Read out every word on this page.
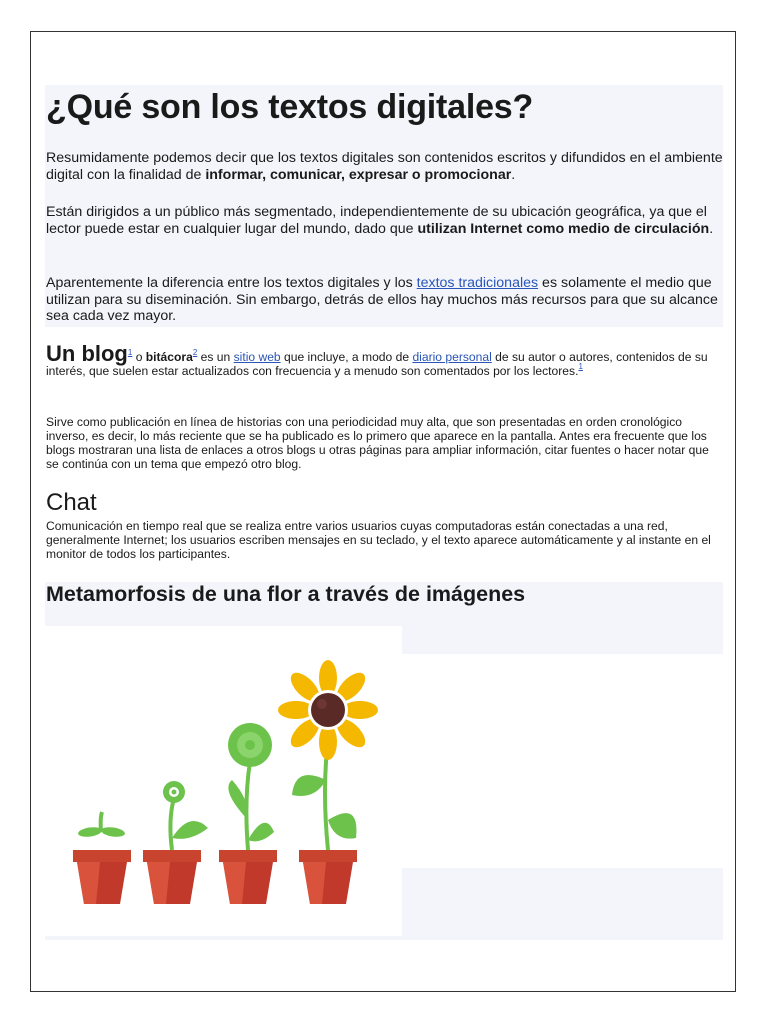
¿Qué son los textos digitales?

Resumidamente podemos decir que los textos digitales son contenidos escritos y difundidos en el ambiente digital con la finalidad de informar, comunicar, expresar o promocionar.

Están dirigidos a un público más segmentado, independientemente de su ubicación geográfica, ya que el lector puede estar en cualquier lugar del mundo, dado que utilizan Internet como medio de circulación.

Aparentemente la diferencia entre los textos digitales y los textos tradicionales es solamente el medio que utilizan para su diseminación. Sin embargo, detrás de ellos hay muchos más recursos para que su alcance sea cada vez mayor.

Un blog$^1$ o bitácora$^2$ es un sitio web que incluye, a modo de diario personal de su autor o autores, contenidos de su interés, que suelen estar actualizados con frecuencia y a menudo son comentados por los lectores.$^1$

Sirve como publicación en línea de historias con una periodicidad muy alta, que son presentadas en orden cronológico inverso, es decir, lo más reciente que se ha publicado es lo primero que aparece en la pantalla. Antes era frecuente que los blogs mostraran una lista de enlaces a otros blogs u otras páginas para ampliar información, citar fuentes o hacer notar que se continúa con un tema que empezó otro blog.

Chat

Comunicación en tiempo real que se realiza entre varios usuarios cuyas computadoras están conectadas a una red, generalmente Internet; los usuarios escriben mensajes en su teclado, y el texto aparece automáticamente y al instante en el monitor de todos los participantes.

Metamorfosis de una flor a través de imágenes
